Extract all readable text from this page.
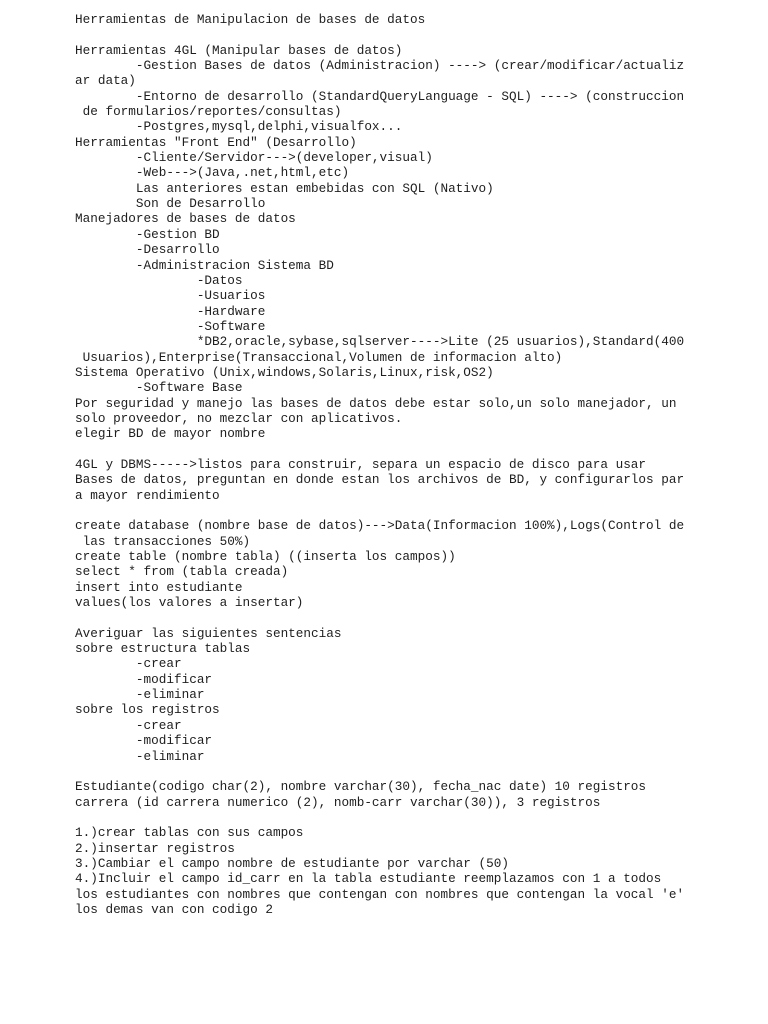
Herramientas de Manipulacion de bases de datos
Herramientas 4GL (Manipular bases de datos)
-Gestion Bases de datos (Administracion) ----> (crear/modificar/actualiz
ar data)
-Entorno de desarrollo (StandardQueryLanguage - SQL) ----> (construccion
de formularios/reportes/consultas)
-Postgres,mysql,delphi,visualfox...
Herramientas "Front End" (Desarrollo)
-Cliente/Servidor--->(developer,visual)
-Web--->(Java,.net,html,etc)
Las anteriores estan embebidas con SQL (Nativo)
Son de Desarrollo
Manejadores de bases de datos
-Gestion BD
-Desarrollo
-Administracion Sistema BD
-Datos
-Usuarios
-Hardware
-Software
*DB2,oracle,sybase,sqlserver---->Lite (25 usuarios),Standard(400
Usuarios),Enterprise(Transaccional,Volumen de informacion alto)
Sistema Operativo (Unix,windows,Solaris,Linux,risk,OS2)
-Software Base
Por seguridad y manejo las bases de datos debe estar solo,un solo manejador, un
solo proveedor, no mezclar con aplicativos.
elegir BD de mayor nombre
4GL y DBMS----->listos para construir, separa un espacio de disco para usar
Bases de datos, preguntan en donde estan los archivos de BD, y configurarlos par
a mayor rendimiento
create database (nombre base de datos)--->Data(Informacion 100%),Logs(Control de
las transacciones 50%)
create table (nombre tabla) ((inserta los campos))
select * from (tabla creada)
insert into estudiante
values(los valores a insertar)
Averiguar las siguientes sentencias
sobre estructura tablas
-crear
-modificar
-eliminar
sobre los registros
-crear
-modificar
-eliminar
Estudiante(codigo char(2), nombre varchar(30), fecha_nac date) 10 registros
carrera (id carrera numerico (2), nomb-carr varchar(30)), 3 registros
1.)crear tablas con sus campos
2.)insertar registros
3.)Cambiar el campo nombre de estudiante por varchar (50)
4.)Incluir el campo id_carr en la tabla estudiante reemplazamos con 1 a todos
los estudiantes con nombres que contengan con nombres que contengan la vocal 'e'
los demas van con codigo 2
